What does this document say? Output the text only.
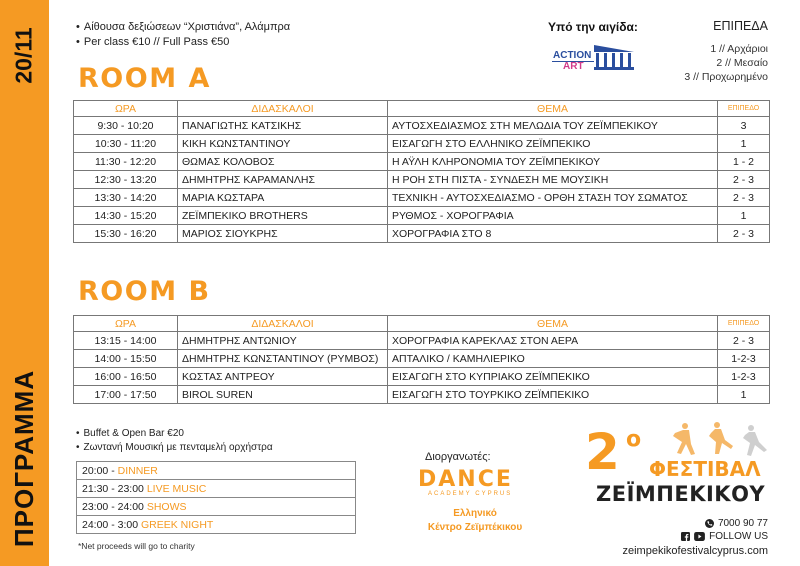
20/11
ΠΡΟΓΡΑΜΜΑ
• Αίθουσα δεξιώσεων “Χριστιάνα”, Αλάμπρα
• Per class €10 // Full Pass €50
Υπό την αιγίδα:
ACTION
ART
ΕΠΙΠΕΔΑ
1 // Αρχάριοι
2 // Μεσαίο
3 // Προχωρημένο
ROOM A
ΩΡΑ	ΔΙΔΑΣΚΑΛΟΙ	ΘΕΜΑ	ΕΠΙΠΕΔΟ
9:30 - 10:20	ΠΑΝΑΓΙΩΤΗΣ ΚΑΤΣΙΚΗΣ	ΑΥΤΟΣΧΕΔΙΑΣΜΟΣ ΣΤΗ ΜΕΛΩΔΙΑ ΤΟΥ ΖΕΪΜΠΕΚΙΚΟΥ	3
10:30 - 11:20	ΚΙΚΗ ΚΩΝΣΤΑΝΤΙΝΟΥ	ΕΙΣΑΓΩΓΗ ΣΤΟ ΕΛΛΗΝΙΚΟ ΖΕΪΜΠΕΚΙΚΟ	1
11:30 - 12:20	ΘΩΜΑΣ ΚΟΛΟΒΟΣ	Η ΑΫΛΗ ΚΛΗΡΟΝΟΜΙΑ ΤΟΥ ΖΕΪΜΠΕΚΙΚΟΥ	1 - 2
12:30 - 13:20	ΔΗΜΗΤΡΗΣ ΚΑΡΑΜΑΝΛΗΣ	Η ΡΟΗ ΣΤΗ ΠΙΣΤΑ - ΣΥΝΔΕΣΗ ΜΕ ΜΟΥΣΙΚΗ	2 - 3
13:30 - 14:20	ΜΑΡΙΑ ΚΩΣΤΑΡΑ	ΤΕΧΝΙΚΗ - ΑΥΤΟΣΧΕΔΙΑΣΜΟ - ΟΡΘΗ ΣΤΑΣΗ ΤΟΥ ΣΩΜΑΤΟΣ	2 - 3
14:30 - 15:20	ΖΕΪΜΠΕΚΙΚΟ BROTHERS	ΡΥΘΜΟΣ - ΧΟΡΟΓΡΑΦΙΑ	1
15:30 - 16:20	ΜΑΡΙΟΣ ΣΙΟΥΚΡΗΣ	ΧΟΡΟΓΡΑΦΙΑ ΣΤΟ 8	2 - 3
ROOM B
ΩΡΑ	ΔΙΔΑΣΚΑΛΟΙ	ΘΕΜΑ	ΕΠΙΠΕΔΟ
13:15 - 14:00	ΔΗΜΗΤΡΗΣ ΑΝΤΩΝΙΟΥ	ΧΟΡΟΓΡΑΦΙΑ ΚΑΡΕΚΛΑΣ ΣΤΟΝ ΑΕΡΑ	2 - 3
14:00 - 15:50	ΔΗΜΗΤΡΗΣ ΚΩΝΣΤΑΝΤΙΝΟΥ (ΡΥΜΒΟΣ)	ΑΠΤΑΛΙΚΟ / ΚΑΜΗΛΙΕΡΙΚΟ	1-2-3
16:00 - 16:50	ΚΩΣΤΑΣ ΑΝΤΡΕΟΥ	ΕΙΣΑΓΩΓΗ ΣΤΟ ΚΥΠΡΙΑΚΟ ΖΕΪΜΠΕΚΙΚΟ	1-2-3
17:00 - 17:50	BIROL SUREN	ΕΙΣΑΓΩΓΗ ΣΤΟ ΤΟΥΡΚΙΚΟ ΖΕΪΜΠΕΚΙΚΟ	1
• Buffet & Open Bar €20
• Ζωντανή Μουσική με πενταμελή ορχήστρα
20:00 - DINNER
21:30 - 23:00 LIVE MUSIC
23:00 - 24:00 SHOWS
24:00 - 3:00 GREEK NIGHT
*Net proceeds will go to charity
Διοργανωτές:
DANCE
ACADEMY CYPRUS
Ελληνικό
Κέντρο Ζεϊμπέκικου
2 ο
ΦΕΣΤΙΒΑΛ
ΖΕΪΜΠΕΚΙΚΟΥ
7000 90 77
FOLLOW US
zeimpekikofestivalcyprus.com
